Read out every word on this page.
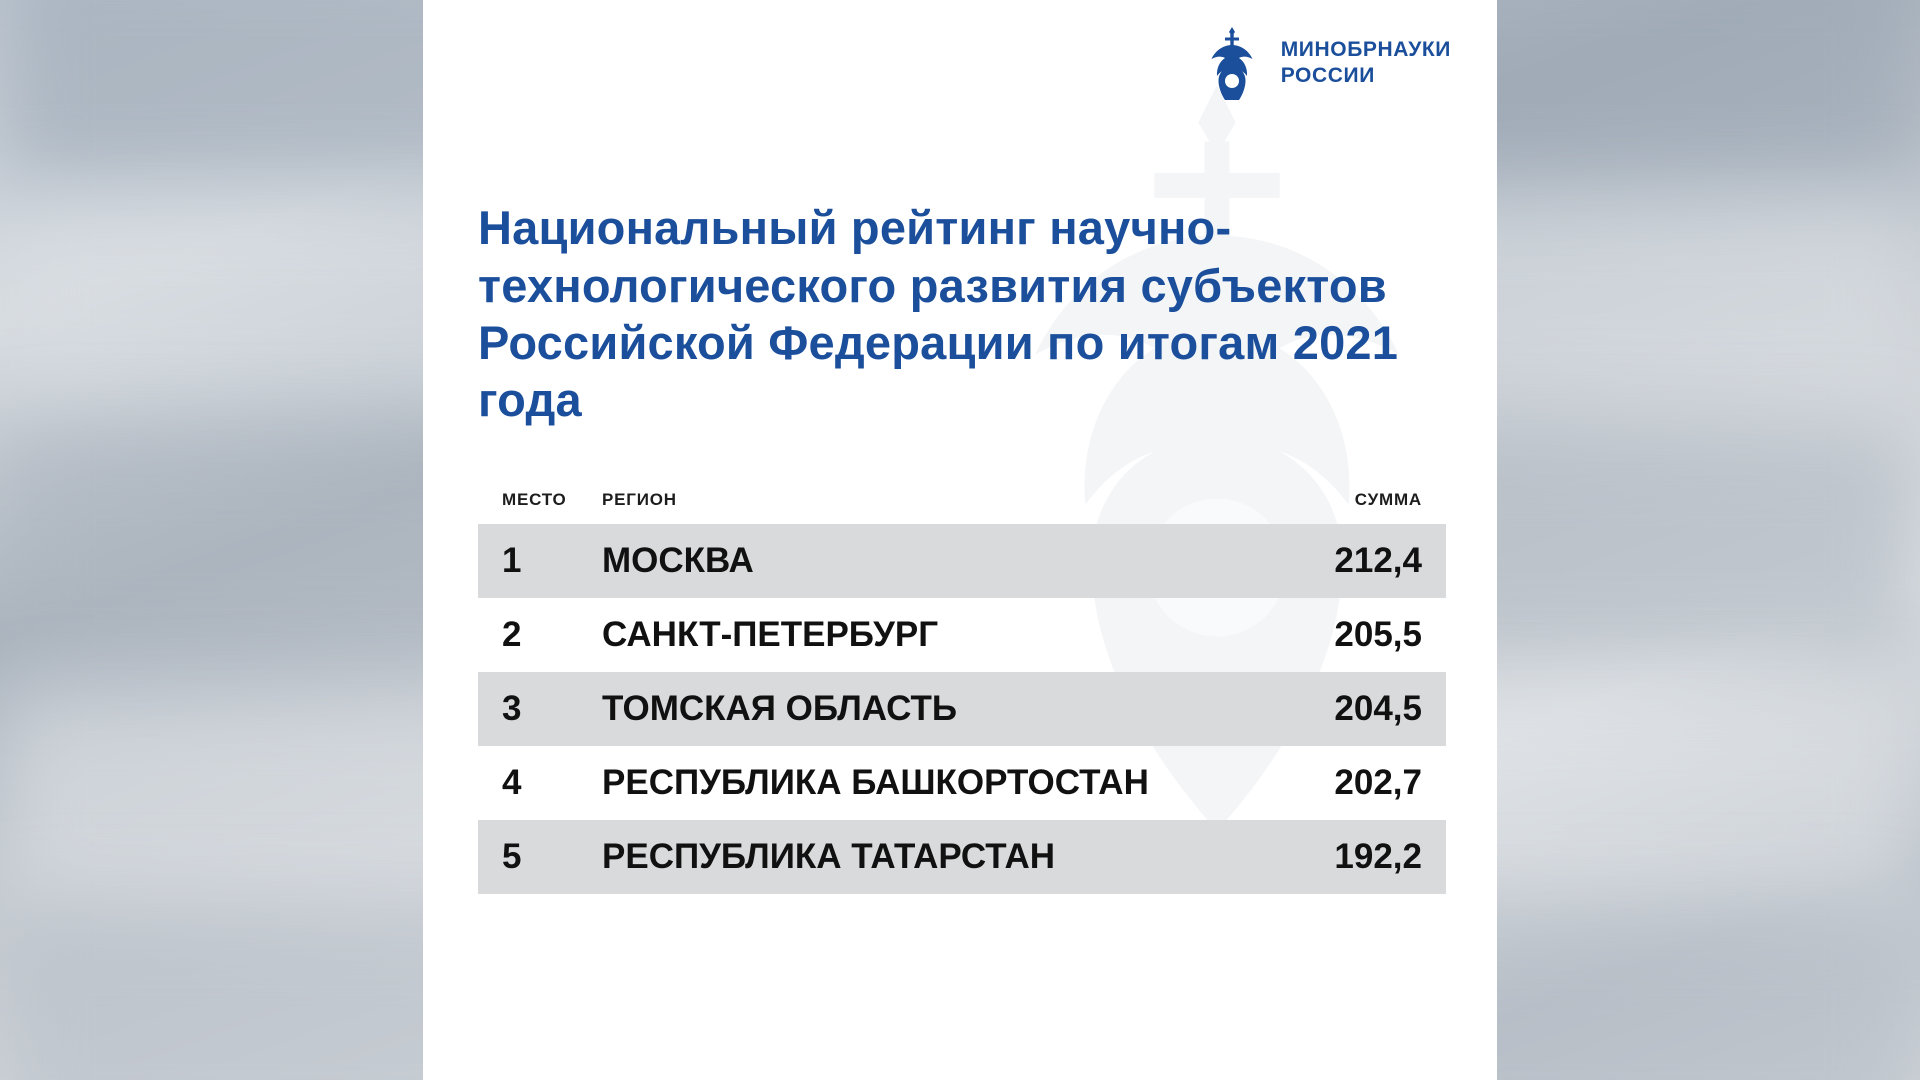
МИНОБРНАУКИ
РОССИИ
Национальный рейтинг научно-технологического развития субъектов Российской Федерации по итогам 2021 года
МЕСТО	РЕГИОН	СУММА
1	МОСКВА	212,4
2	САНКТ-ПЕТЕРБУРГ	205,5
3	ТОМСКАЯ ОБЛАСТЬ	204,5
4	РЕСПУБЛИКА БАШКОРТОСТАН	202,7
5	РЕСПУБЛИКА ТАТАРСТАН	192,2
